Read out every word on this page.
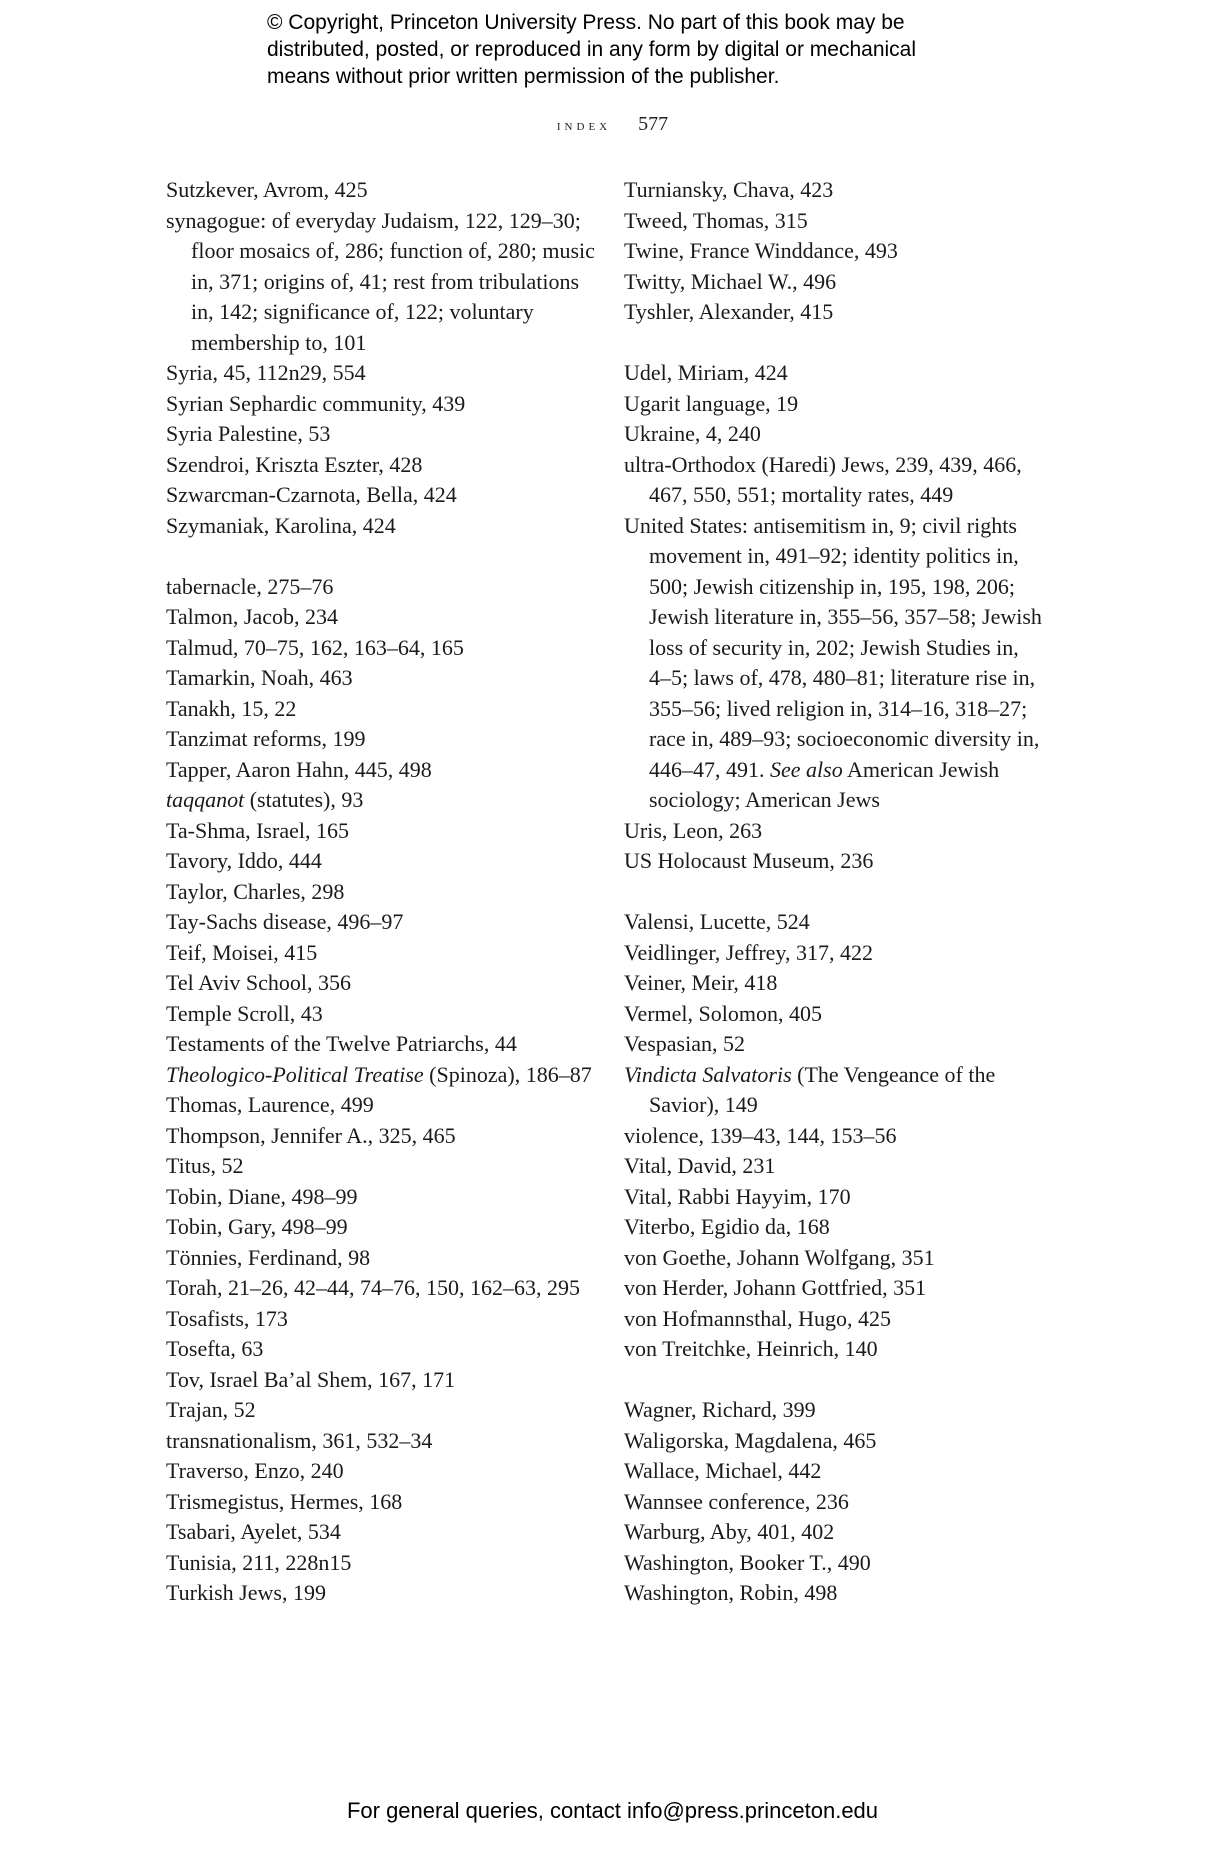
© Copyright, Princeton University Press. No part of this book may be
distributed, posted, or reproduced in any form by digital or mechanical
means without prior written permission of the publisher.
index 577
Sutzkever, Avrom, 425
synagogue: of everyday Judaism, 122, 129–30; floor mosaics of, 286; function of, 280; music in, 371; origins of, 41; rest from tribulations in, 142; significance of, 122; voluntary membership to, 101
Syria, 45, 112n29, 554
Syrian Sephardic community, 439
Syria Palestine, 53
Szendroi, Kriszta Eszter, 428
Szwarcman-Czarnota, Bella, 424
Szymaniak, Karolina, 424
tabernacle, 275–76
Talmon, Jacob, 234
Talmud, 70–75, 162, 163–64, 165
Tamarkin, Noah, 463
Tanakh, 15, 22
Tanzimat reforms, 199
Tapper, Aaron Hahn, 445, 498
taqqanot (statutes), 93
Ta-Shma, Israel, 165
Tavory, Iddo, 444
Taylor, Charles, 298
Tay-Sachs disease, 496–97
Teif, Moisei, 415
Tel Aviv School, 356
Temple Scroll, 43
Testaments of the Twelve Patriarchs, 44
Theologico-Political Treatise (Spinoza), 186–87
Thomas, Laurence, 499
Thompson, Jennifer A., 325, 465
Titus, 52
Tobin, Diane, 498–99
Tobin, Gary, 498–99
Tönnies, Ferdinand, 98
Torah, 21–26, 42–44, 74–76, 150, 162–63, 295
Tosafists, 173
Tosefta, 63
Tov, Israel Ba’al Shem, 167, 171
Trajan, 52
transnationalism, 361, 532–34
Traverso, Enzo, 240
Trismegistus, Hermes, 168
Tsabari, Ayelet, 534
Tunisia, 211, 228n15
Turkish Jews, 199
Turniansky, Chava, 423
Tweed, Thomas, 315
Twine, France Winddance, 493
Twitty, Michael W., 496
Tyshler, Alexander, 415
Udel, Miriam, 424
Ugarit language, 19
Ukraine, 4, 240
ultra-Orthodox (Haredi) Jews, 239, 439, 466, 467, 550, 551; mortality rates, 449
United States: antisemitism in, 9; civil rights movement in, 491–92; identity politics in, 500; Jewish citizenship in, 195, 198, 206; Jewish literature in, 355–56, 357–58; Jewish loss of security in, 202; Jewish Studies in, 4–5; laws of, 478, 480–81; literature rise in, 355–56; lived religion in, 314–16, 318–27; race in, 489–93; socioeconomic diversity in, 446–47, 491. See also American Jewish sociology; American Jews
Uris, Leon, 263
US Holocaust Museum, 236
Valensi, Lucette, 524
Veidlinger, Jeffrey, 317, 422
Veiner, Meir, 418
Vermel, Solomon, 405
Vespasian, 52
Vindicta Salvatoris (The Vengeance of the Savior), 149
violence, 139–43, 144, 153–56
Vital, David, 231
Vital, Rabbi Hayyim, 170
Viterbo, Egidio da, 168
von Goethe, Johann Wolfgang, 351
von Herder, Johann Gottfried, 351
von Hofmannsthal, Hugo, 425
von Treitchke, Heinrich, 140
Wagner, Richard, 399
Waligorska, Magdalena, 465
Wallace, Michael, 442
Wannsee conference, 236
Warburg, Aby, 401, 402
Washington, Booker T., 490
Washington, Robin, 498
For general queries, contact info@press.princeton.edu
